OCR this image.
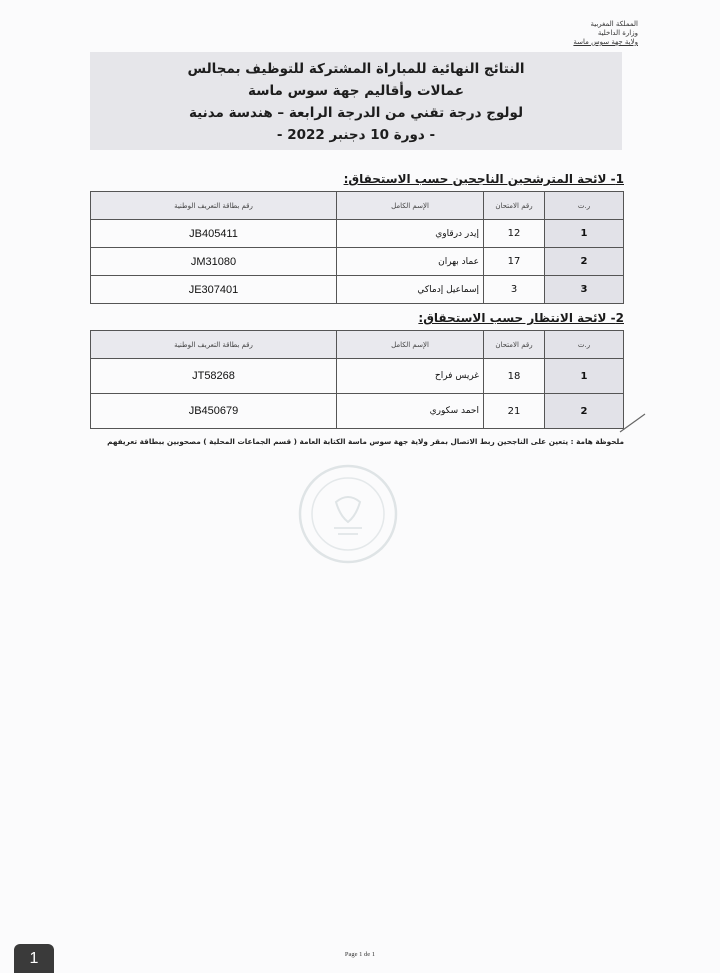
المملكة المغربية
وزارة الداخلية
ولاية جهة سوس ماسة
النتائج النهائية للمباراة المشتركة للتوظيف بمجالس
عمالات وأقاليم جهة سوس ماسة
لولوج درجة تقني من الدرجة الرابعة – هندسة مدنية
- دورة 10 دجنبر 2022 -
1- لائحة المترشحين الناجحين حسب الاستحقاق:
ر.ت	رقم الامتحان	الإسم الكامل	رقم بطاقة التعريف الوطنية
1	12	إيدر درقاوي	JB405411
2	17	عماد بهران	JM31080
3	3	إسماعيل إدماكي	JE307401
2- لائحة الانتظار حسب الاستحقاق:
ر.ت	رقم الامتحان	الإسم الكامل	رقم بطاقة التعريف الوطنية
1	18	غريس فراح	JT58268
2	21	احمد سكوري	JB450679
ملحوظة هامة : يتعين على الناجحين ربط الاتصال بمقر ولاية جهة سوس ماسة الكتابة العامة ( قسم الجماعات المحلية ) مصحوبين ببطاقة تعريفهم
Page 1 de 1
1
